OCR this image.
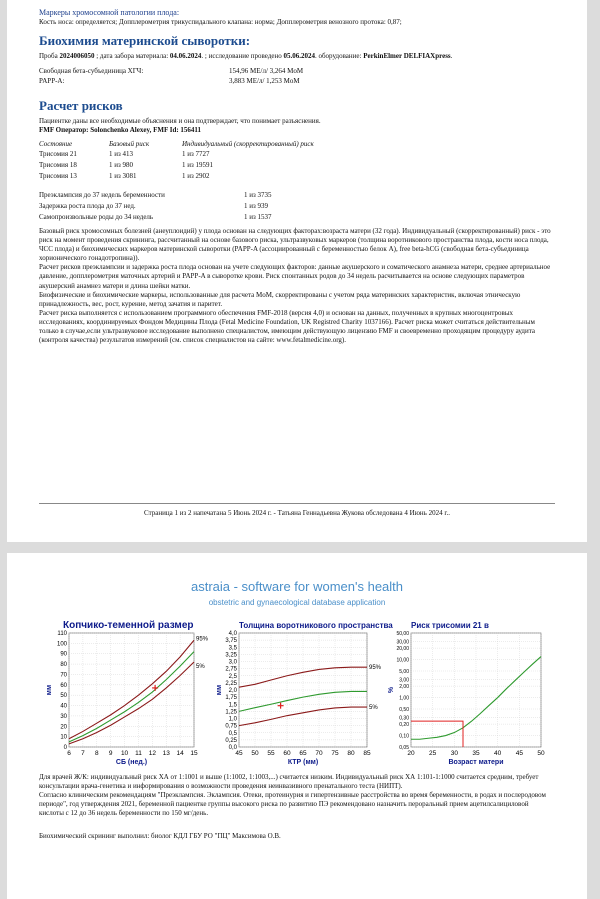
Маркеры хромосомной патологии плода:

Кость носа: определяется; Допплерометрия трикуспидального клапана: норма; Допплерометрия венозного протока: 0,87;

Биохимия материнской сыворотки:

Проба 2024006050 ; дата забора материала: 04.06.2024. ; исследование проведено 05.06.2024. оборудование: PerkinElmer DELFIAXpress.

Свободная бета-субъединица ХГЧ:	154,96 МЕ/л/ 3,264 MoM
PAPP-A:	3,883 МЕ/л/ 1,253 MoM
Расчет рисков

Пациентке даны все необходимые объяснения и она подтверждает, что понимает разъяснения.

FMF Оператор: Solonchenko Alexey, FMF Id: 156411

Состояние	Базовый риск	Индивидуальный (скорректированный) риск
Трисомия 21	1 из 413	1 из 7727
Трисомия 18	1 из 980	1 из 19591
Трисомия 13	1 из 3081	1 из 2902
Преэклампсия до 37 недель беременности	1 из 3735
Задержка роста плода до 37 нед.	1 из 939
Самопроизвольные роды до 34 недель	1 из 1537

Базовый риск хромосомных болезней (анеуплоидий) у плода основан на следующих факторах:возраста матери (32 года). Индивидуальный (скорректированный) риск - это риск на момент проведения скрининга, рассчитанный на основе базового риска, ультразвуковых маркеров (толщина воротникового пространства плода, кости носа плода, ЧСС плода) и биохимических маркеров материнской сыворотки (PAPP-A (ассоциированный с беременностью белок А), free beta-hCG (свободная бета-субъединица хорионического гонадотропина)).

Расчет рисков преэклампсии и задержка роста плода основан на учете следующих факторов: данные акушерского и соматического анамнеза матери, среднее артериальное давление, допплерометрия маточных артерий и PAPP-A в сыворотке крови. Риск спонтанных родов до 34 недель расчитывается на основе следующих параметров акушерский анамнез матери и длина шейки матки.

Биофизические и биохимические маркеры, использованные для расчета MoM, скорректированы с учетом ряда материнских характеристик, включая этническую принадлежность, вес, рост, курение, метод зачатия и паритет.

Расчет риска выполняется с использованием программного обеспечения FMF-2018 (версия 4,0) и основан на данных, полученных в крупных многоцентровых исследованиях, координируемых Фондом Медицины Плода (Fetal Medicine Foundation, UK Registred Charity 1037166). Расчет риска может считаться действительным только в случае,если ультразвуковое исследование выполнено специалистом, имеющим действующую лицензию FMF и своевременно проходящим процедуру аудита (контроля качества) результатов измерений (см. список специалистов на сайте: www.fetalmedicine.org).

Страница 1 из 2 напечатана 5 Июнь 2024 г. - Татьяна Геннадьевна Жукова обследована 4 Июнь 2024 г..
astraia - software for women's health
obstetric and gynaecological database application
Копчико-теменной размер
0
10
20
30
40
50
60
70
80
90
100
110
6 7 8 9 10 11 12 13 14 15
СБ (нед.)
мм
95%
5%
Толщина воротникового пространства
0,0
0,25
0,5
0,75
1,0
1,25
1,5
1,75
2,0
2,25
2,5
2,75
3,0
3,25
3,5
3,75
4,0
45 50 55 60 65 70 75 80 85
КТР (мм)
мм
95%
5%
Риск трисомии 21 в
0,05
0,10
0,20
0,30
0,50
1,00
2,00
3,00
5,00
10,00
20,00
30,00
50,00
20 25 30 35 40 45 50
Возраст матери
%

Для врачей Ж/К: индивидуальный риск ХА от 1:1001 и выше (1:1002, 1:1003,...) считается низким. Индивидуальный риск ХА 1:101-1:1000 считается средним, требует консультации врача-генетика и информирования о возможности проведения неинвазивного пренатального теста (НИПТ).

Согласно клиническим рекомендациям "Преэклампсия. Эклампсия. Отеки, протеинурия и гипертензивные расстройства во время беременности, в родах и послеродовом периоде", год утверждения 2021, беременной пациентке группы высокого риска по развитию ПЭ рекомендовано назначить пероральный прием ацетилсалициловой кислоты с 12 до 36 недель беременности по 150 мг/день.

Биохимический скрининг выполнил: биолог КДЛ ГБУ РО "ПЦ" Максимова О.В.
